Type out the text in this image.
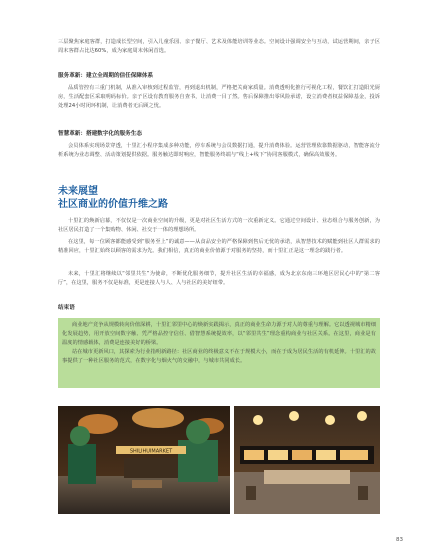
三层聚焦家庭客群，打造成长型空间，引入儿童乐园、亲子餐厅、艺术及体能培训等业态。空间设计强调安全与互动，试运营期间，亲子区周末客群占比达60%，成为家庭周末休闲首选。
服务革新：建立全周期的信任保障体系
品质管控有三重门机制，从准入审核到过程监管，再到退出机制，严格把关商家质量。消费透明化推行可视化工程，餐饮汇打造阳光厨房，生活配套区采取明码标价。亲子区设有教育服务自查书，让消费一目了然。售后保障推出零风险承诺，设立消费者权益保障基金，投诉处理24小时闭环机制，让消费者无后顾之忧。
智慧革新：搭建数字化的服务生态
会员体系实现场景穿透，十里汇小程序集成多种功能，停车系统与会员数据打通，提升消费体验。运营管理依靠数据驱动，智能客流分析系统为业态调整、活动策划提供依据。服务触达即时响应，智能服务终端与“线上+线下”协同客服模式，确保高效服务。
未来展望
社区商业的价值升维之路
十里汇的焕新启幕，不仅仅是一次商业空间的升级，更是对社区生活方式的一次重新定义。它通过空间设计、业态组合与服务创新，为社区居民打造了一个集购物、休闲、社交于一体的理想场所。
在这里，每一位顾客都能感受到“服务至上”的诚意——从食品安全的严格保障到售后无忧的承诺，从智慧技术的赋能到社区人群需求的精准回应，十里汇始终以顾客的需求为先。我们相信，真正的商业价值源于对服务的坚持，而十里汇正是这一理念的践行者。
未来，十里汇将继续以“邻里共生”为使命，不断优化服务细节，提升社区生活的幸福感，成为北京东南三环地区居民心中的“第二客厅”，在这里，服务不仅是标准，更是连接人与人、人与社区的美好纽带。
结束语
商业地产竞争从规模转向价值深耕，十里汇邻里中心的焕新实践揭示，真正的商业生命力源于对人的尊重与理解。它以透视城市精细化发展趋势，用开放空间数字触、凭严格品控守信任、借智慧系统提效率，以“邻里共生”理念重构商业与社区关系。在这里，商业是有温度的情感载体，消费是连接美好的桥梁。
站在城市更新风口，其探索为行业指明新路径：社区商业的终极意义不在于规模大小，而在于成为居民生活的有机延伸。十里汇的故事提供了一种社区服务的范式，在数字化与烟火气的交融中，与城市共同成长。
SHILIHUIMARKET
83
